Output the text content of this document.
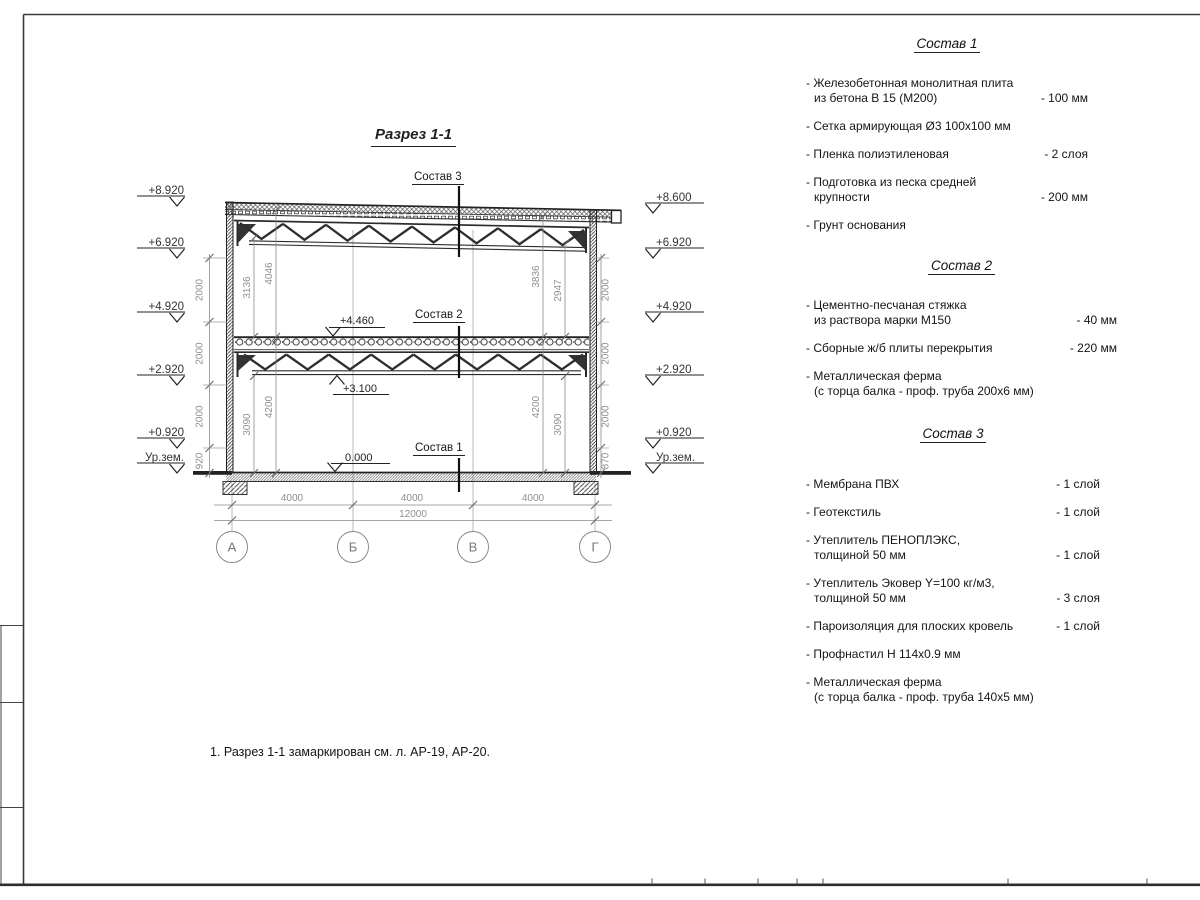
А	Б	В	Г
+8.920
+6.920
+4.920
+2.920
+0.920
Ур.зем.
+8.600
+6.920
+4.920
+2.920
+0.920
Ур.зем.
2000
2000
2000
920
2000
2000
2000
870
3136
4046	3836
2947
3090
4200	4200
3090
4000	4000	4000
12000
+4.460
+3.100
0.000
Разрез 1-1
Состав 3
Состав 2
Состав 1
Состав 1
- Железобетонная монолитная плита
из бетона В 15 (М200)	- 100 мм
- Сетка армирующая Ø3 100х100 мм
- Пленка полиэтиленовая	- 2 слоя
- Подготовка из песка средней
крупности	- 200 мм
- Грунт основания
Состав 2
- Цементно-песчаная стяжка
из раствора марки М150	- 40 мм
- Сборные ж/б плиты перекрытия	- 220 мм
- Металлическая ферма
(с торца балка - проф. труба 200х6 мм)
Состав 3
- Мембрана ПВХ	- 1 слой
- Геотекстиль	- 1 слой
- Утеплитель ПЕНОПЛЭКС,
толщиной 50 мм	- 1 слой
- Утеплитель Эковер Y=100 кг/м3,
толщиной 50 мм	- 3 слоя
- Пароизоляция для плоских кровель	- 1 слой
- Профнастил Н 114х0.9 мм
- Металлическая ферма
(с торца балка - проф. труба 140х5 мм)
1. Разрез 1-1 замаркирован см. л. АР-19, АР-20.
